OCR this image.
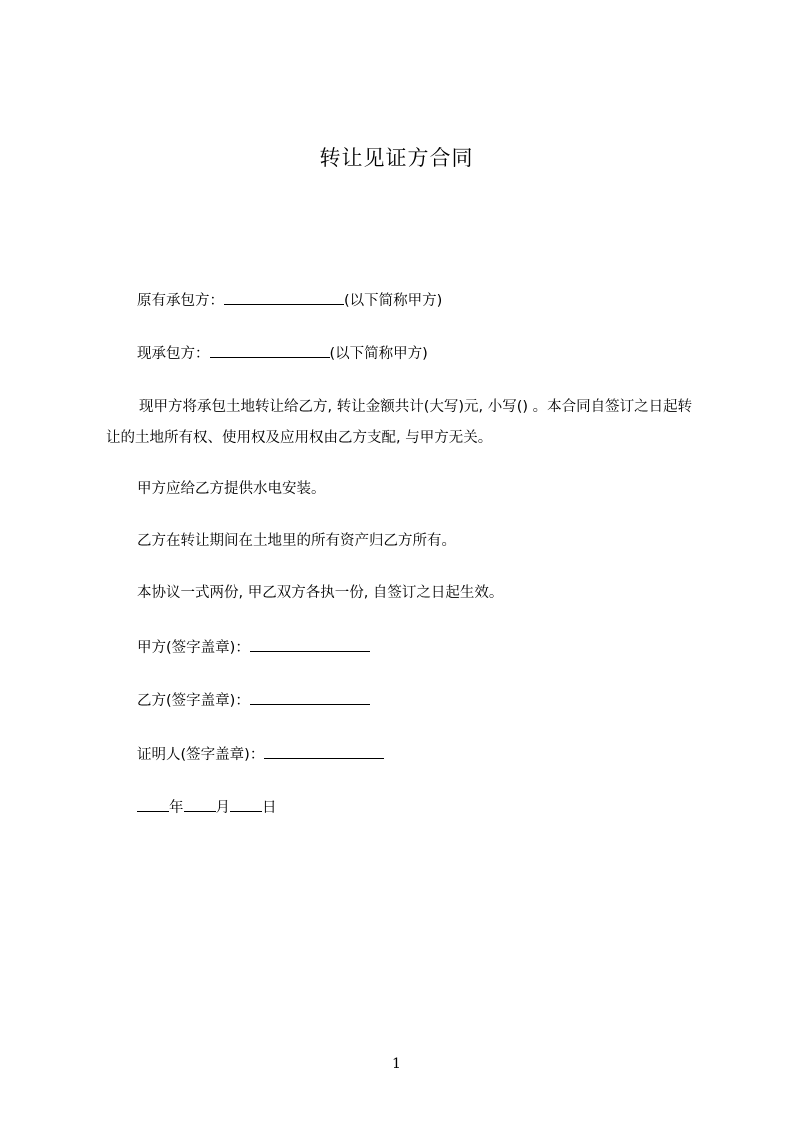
转让见证方合同
原有承包方：	(以下简称甲方)
现承包方：	(以下简称甲方)
现甲方将承包土地转让给乙方, 转让金额共计(大写)元, 小写() 。本合同自签订之日起转让的土地所有权、使用权及应用权由乙方支配, 与甲方无关。
甲方应给乙方提供水电安装。
乙方在转让期间在土地里的所有资产归乙方所有。
本协议一式两份, 甲乙双方各执一份, 自签订之日起生效。
甲方(签字盖章)：
乙方(签字盖章)：
证明人(签字盖章)：
年 月 日
1
